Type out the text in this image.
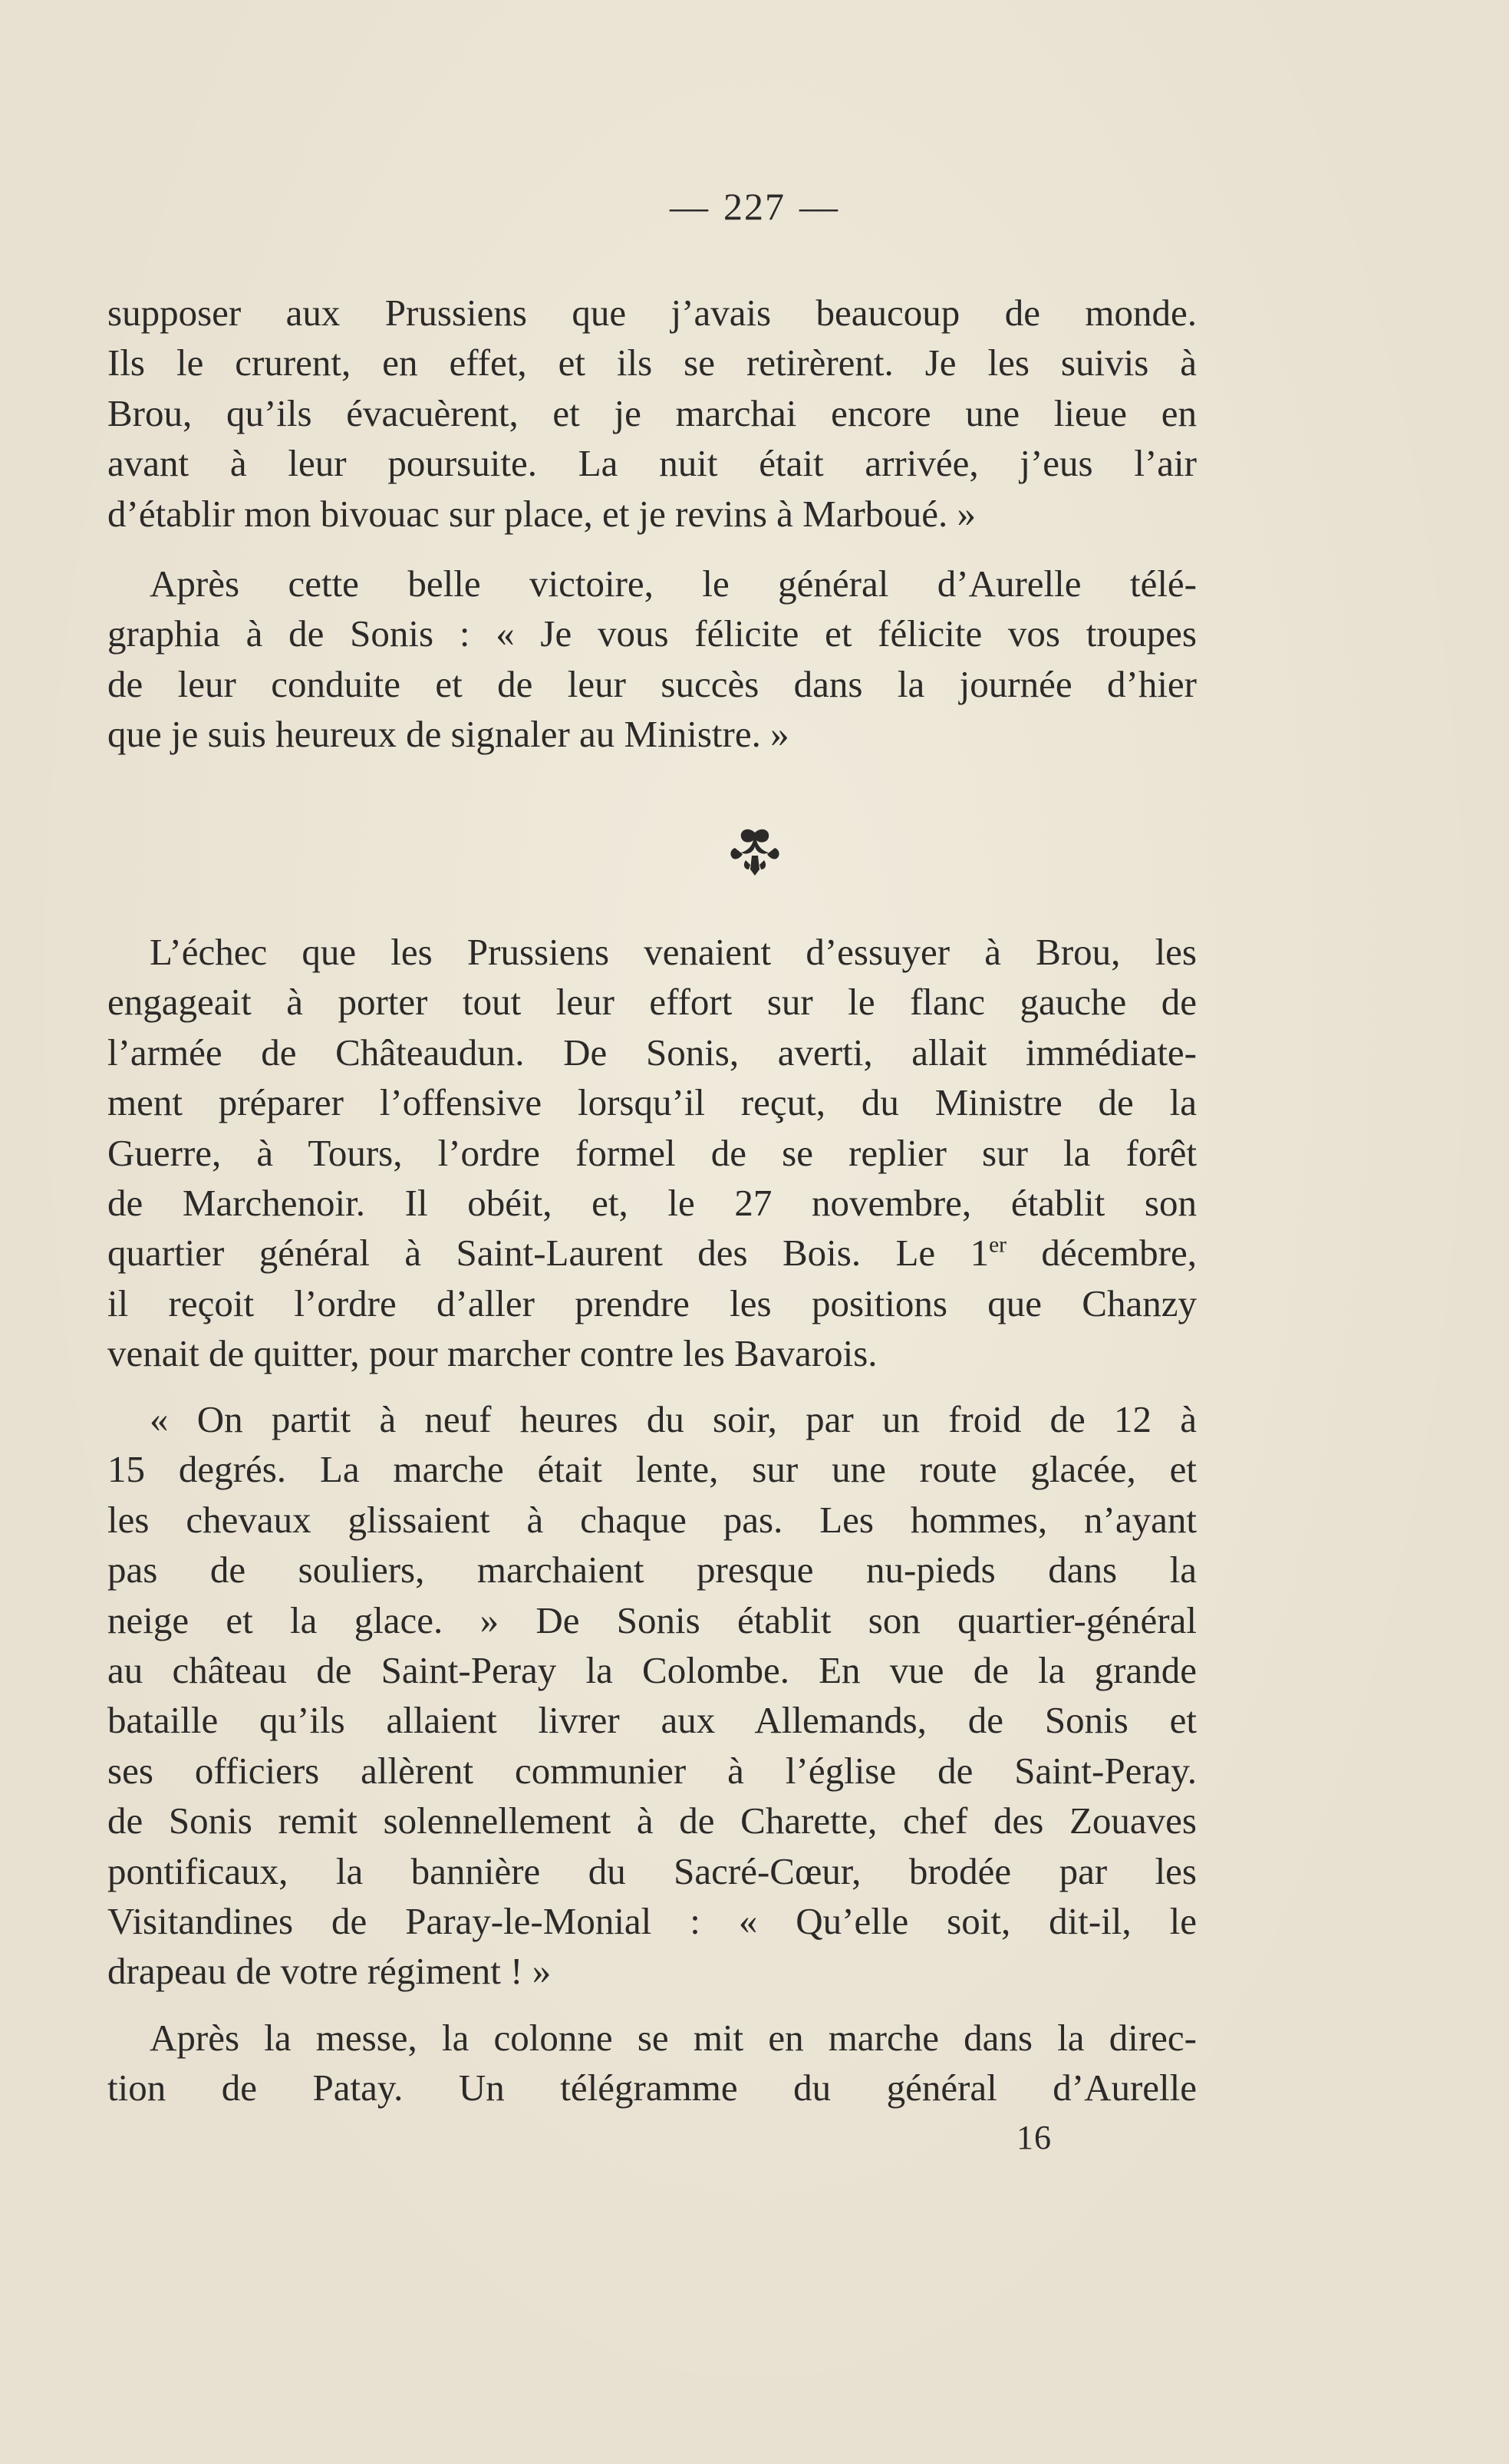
— 227 —
supposer aux Prussiens que j’avais beaucoup de monde.
Ils le crurent, en effet, et ils se retirèrent. Je les suivis à
Brou, qu’ils évacuèrent, et je marchai encore une lieue en
avant à leur poursuite. La nuit était arrivée, j’eus l’air
d’établir mon bivouac sur place, et je revins à Marboué. »
Après cette belle victoire, le général d’Aurelle télé-
graphia à de Sonis : « Je vous félicite et félicite vos troupes
de leur conduite et de leur succès dans la journée d’hier
que je suis heureux de signaler au Ministre. »
L’échec que les Prussiens venaient d’essuyer à Brou, les
engageait à porter tout leur effort sur le flanc gauche de
l’armée de Châteaudun. De Sonis, averti, allait immédiate-
ment préparer l’offensive lorsqu’il reçut, du Ministre de la
Guerre, à Tours, l’ordre formel de se replier sur la forêt
de Marchenoir. Il obéit, et, le 27 novembre, établit son
quartier général à Saint-Laurent des Bois. Le 1er décembre,
il reçoit l’ordre d’aller prendre les positions que Chanzy
venait de quitter, pour marcher contre les Bavarois.
« On partit à neuf heures du soir, par un froid de 12 à
15 degrés. La marche était lente, sur une route glacée, et
les chevaux glissaient à chaque pas. Les hommes, n’ayant
pas de souliers, marchaient presque nu-pieds dans la
neige et la glace. » De Sonis établit son quartier-général
au château de Saint-Peray la Colombe. En vue de la grande
bataille qu’ils allaient livrer aux Allemands, de Sonis et
ses officiers allèrent communier à l’église de Saint-Peray.
de Sonis remit solennellement à de Charette, chef des Zouaves
pontificaux, la bannière du Sacré-Cœur, brodée par les
Visitandines de Paray-le-Monial : « Qu’elle soit, dit-il, le
drapeau de votre régiment ! »
Après la messe, la colonne se mit en marche dans la direc-
tion de Patay. Un télégramme du général d’Aurelle
16
